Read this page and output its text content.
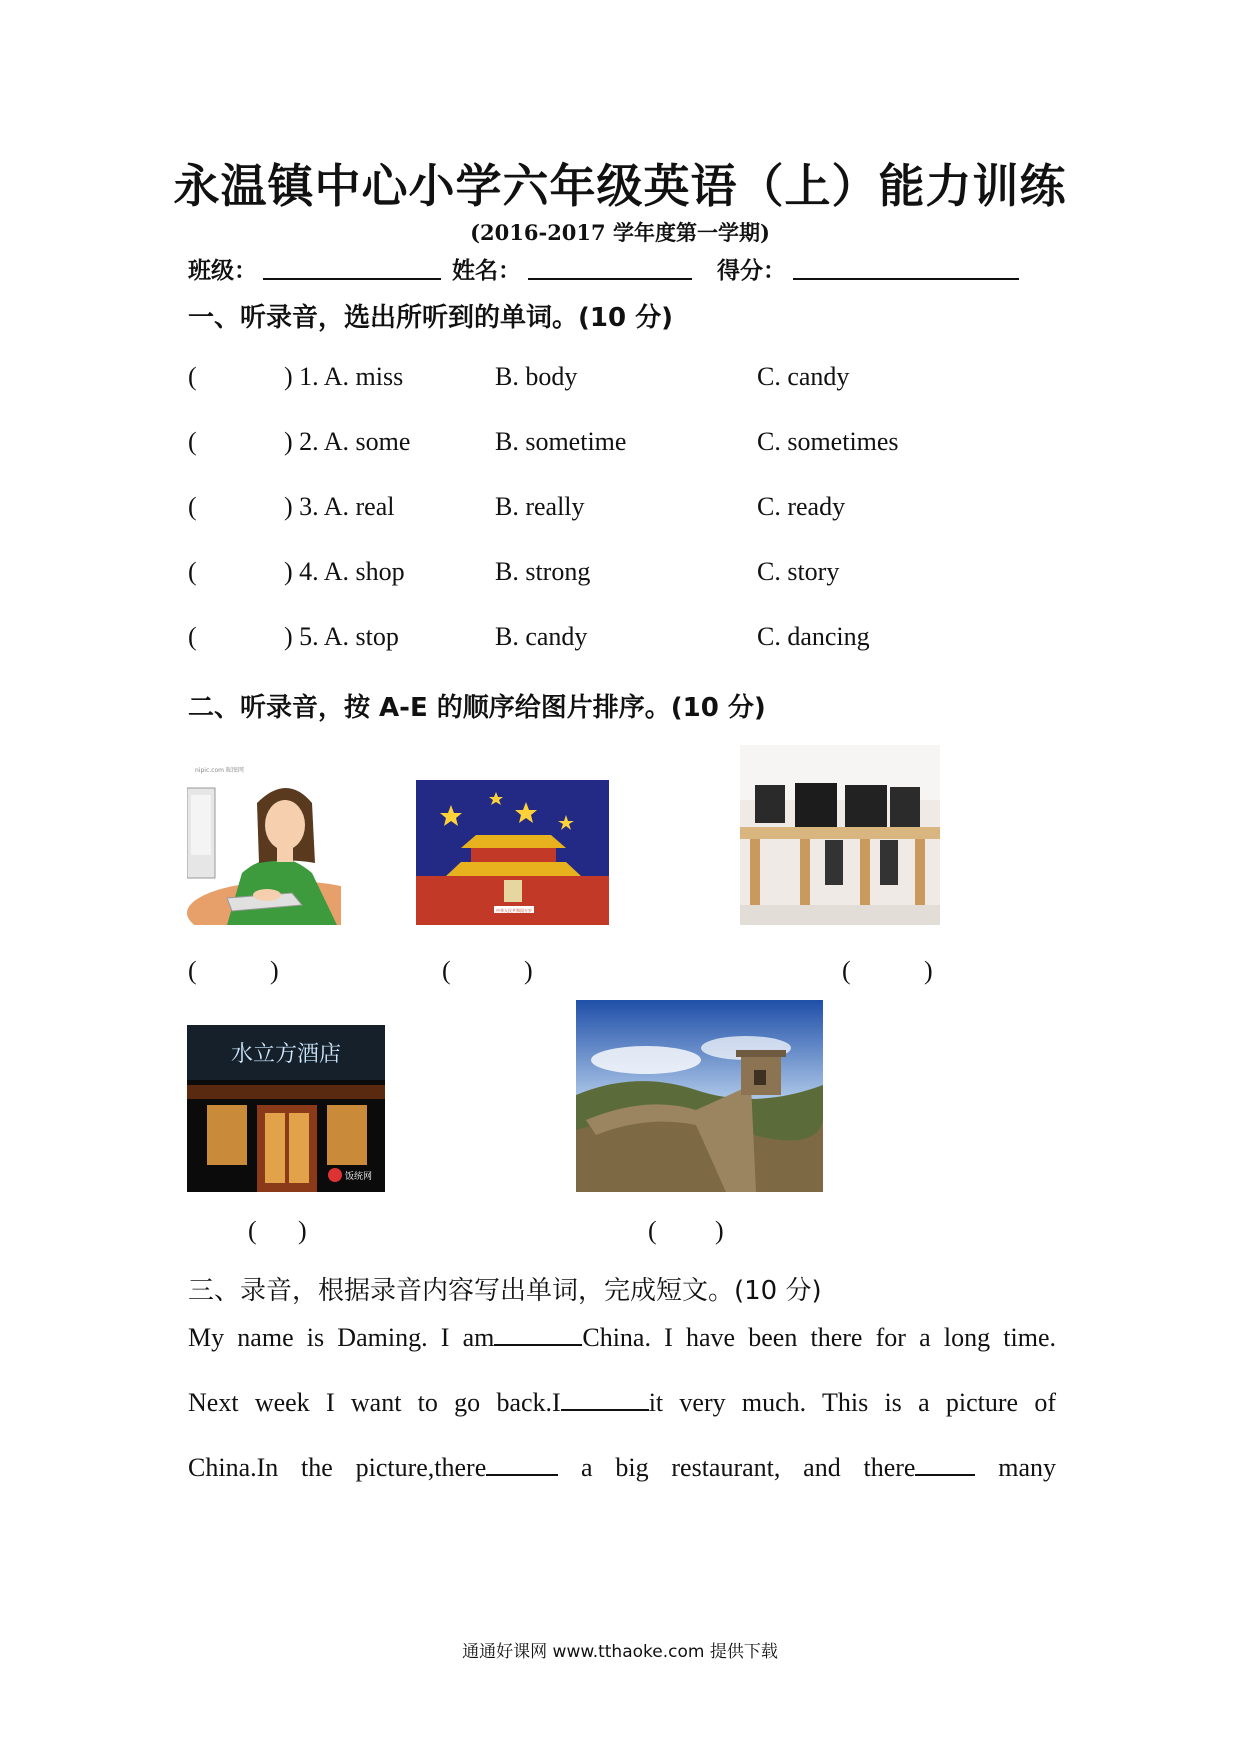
永温镇中心小学六年级英语（上）能力训练
(2016-2017 学年度第一学期)
班级：	姓名：	得分：
一、听录音，选出所听到的单词。(10 分)
(	) 1. A. miss	B. body	C. candy
(	) 2. A. some	B. sometime	C. sometimes
(	) 3. A. real	B. really	C. ready
(	) 4. A. shop	B. strong	C. story
(	) 5. A. stop	B. candy	C. dancing
二、听录音，按 A-E 的顺序给图片排序。(10 分)
nipic.com 昵图网
中华人民共和国万岁
(	)	(	)	(	)
水立方酒店
饭统网
( )	( )
三、录音，根据录音内容写出单词，完成短文。(10 分)
My name is Daming. I am	China. I have been there for a long time.
Next week I want to go back.I	it very much. This is a picture of
China.In the picture,there	a big restaurant, and there	many
通通好课网 www.tthaoke.com 提供下载
